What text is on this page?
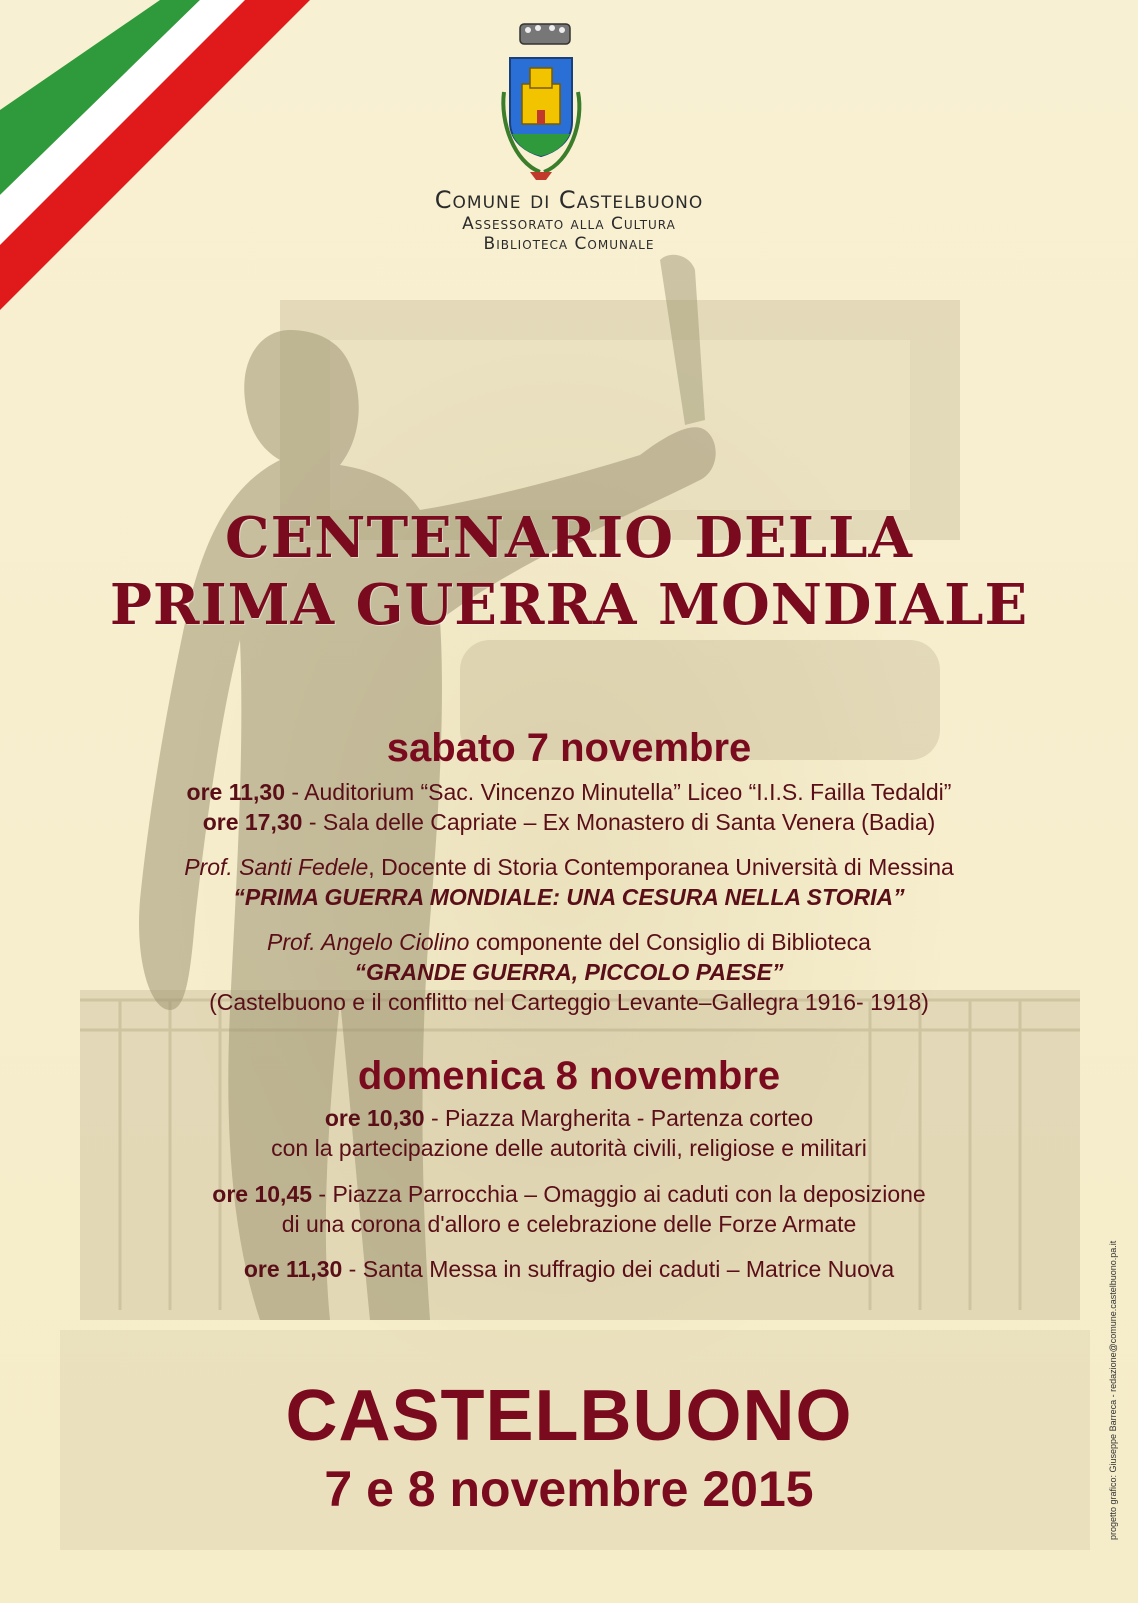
Comune di Castelbuono
Assessorato alla Cultura
Biblioteca Comunale
CENTENARIO DELLA
PRIMA GUERRA MONDIALE
sabato 7 novembre
ore 11,30 - Auditorium “Sac. Vincenzo Minutella” Liceo “I.I.S. Failla Tedaldi”
ore 17,30 - Sala delle Capriate – Ex Monastero di Santa Venera (Badia)
Prof. Santi Fedele, Docente di Storia Contemporanea Università di Messina
“PRIMA GUERRA MONDIALE: UNA CESURA NELLA STORIA”
Prof. Angelo Ciolino componente del Consiglio di Biblioteca
“GRANDE GUERRA, PICCOLO PAESE”
(Castelbuono e il conflitto nel Carteggio Levante–Gallegra 1916- 1918)
domenica 8 novembre
ore 10,30 - Piazza Margherita - Partenza corteo
con la partecipazione delle autorità civili, religiose e militari
ore 10,45 - Piazza Parrocchia – Omaggio ai caduti con la deposizione
di una corona d'alloro e celebrazione delle Forze Armate
ore 11,30 - Santa Messa in suffragio dei caduti – Matrice Nuova
CASTELBUONO
7 e 8 novembre 2015	progetto grafico: Giuseppe Barreca - redazione@comune.castelbuono.pa.it
